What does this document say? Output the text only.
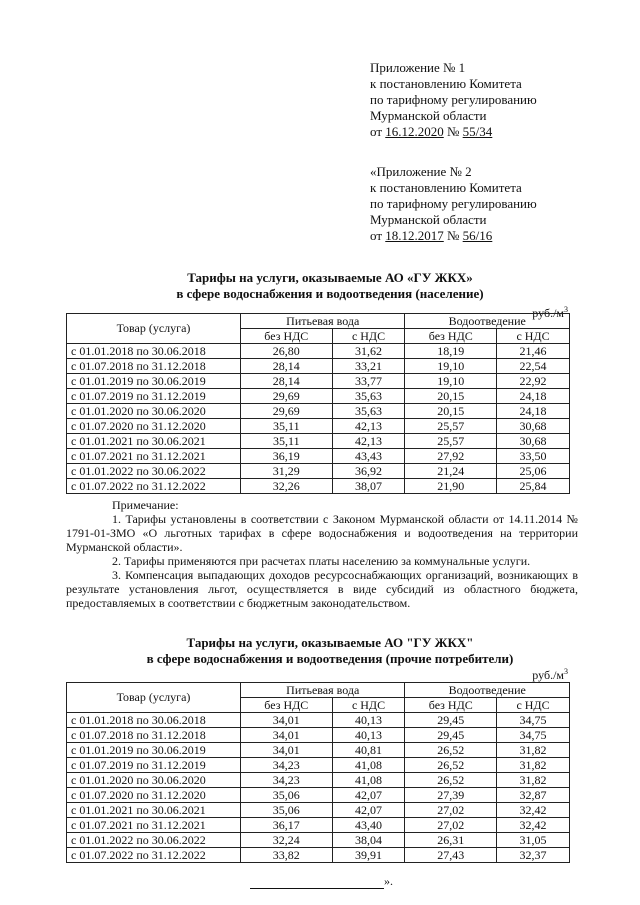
Приложение № 1
к постановлению Комитета
по тарифному регулированию
Мурманской области
от 16.12.2020 № 55/34
«Приложение № 2
к постановлению Комитета
по тарифному регулированию
Мурманской области
от 18.12.2017 № 56/16
Тарифы на услуги, оказываемые АО «ГУ ЖКХ»
в сфере водоснабжения и водоотведения (население)
$руб./м^3$
Товар (услуга)	Питьевая вода		Водоотведение	
	без НДС	с НДС	без НДС	с НДС
с 01.01.2018 по 30.06.2018	26,80	31,62	18,19	21,46
с 01.07.2018 по 31.12.2018	28,14	33,21	19,10	22,54
с 01.01.2019 по 30.06.2019	28,14	33,77	19,10	22,92
с 01.07.2019 по 31.12.2019	29,69	35,63	20,15	24,18
с 01.01.2020 по 30.06.2020	29,69	35,63	20,15	24,18
с 01.07.2020 по 31.12.2020	35,11	42,13	25,57	30,68
с 01.01.2021 по 30.06.2021	35,11	42,13	25,57	30,68
с 01.07.2021 по 31.12.2021	36,19	43,43	27,92	33,50
с 01.01.2022 по 30.06.2022	31,29	36,92	21,24	25,06
с 01.07.2022 по 31.12.2022	32,26	38,07	21,90	25,84
Примечание:
1. Тарифы установлены в соответствии с Законом Мурманской области от 14.11.2014 № 1791-01-ЗМО «О льготных тарифах в сфере водоснабжения и водоотведения на территории Мурманской области».
2. Тарифы применяются при расчетах платы населению за коммунальные услуги.
3. Компенсация выпадающих доходов ресурсоснабжающих организаций, возникающих в результате установления льгот, осуществляется в виде субсидий из областного бюджета, предоставляемых в соответствии с бюджетным законодательством.
Тарифы на услуги, оказываемые АО "ГУ ЖКХ"
в сфере водоснабжения и водоотведения (прочие потребители)
$руб./м^3$
Товар (услуга)	Питьевая вода		Водоотведение	
	без НДС	с НДС	без НДС	с НДС
с 01.01.2018 по 30.06.2018	34,01	40,13	29,45	34,75
с 01.07.2018 по 31.12.2018	34,01	40,13	29,45	34,75
с 01.01.2019 по 30.06.2019	34,01	40,81	26,52	31,82
с 01.07.2019 по 31.12.2019	34,23	41,08	26,52	31,82
с 01.01.2020 по 30.06.2020	34,23	41,08	26,52	31,82
с 01.07.2020 по 31.12.2020	35,06	42,07	27,39	32,87
с 01.01.2021 по 30.06.2021	35,06	42,07	27,02	32,42
с 01.07.2021 по 31.12.2021	36,17	43,40	27,02	32,42
с 01.01.2022 по 30.06.2022	32,24	38,04	26,31	31,05
с 01.07.2022 по 31.12.2022	33,82	39,91	27,43	32,37
».
